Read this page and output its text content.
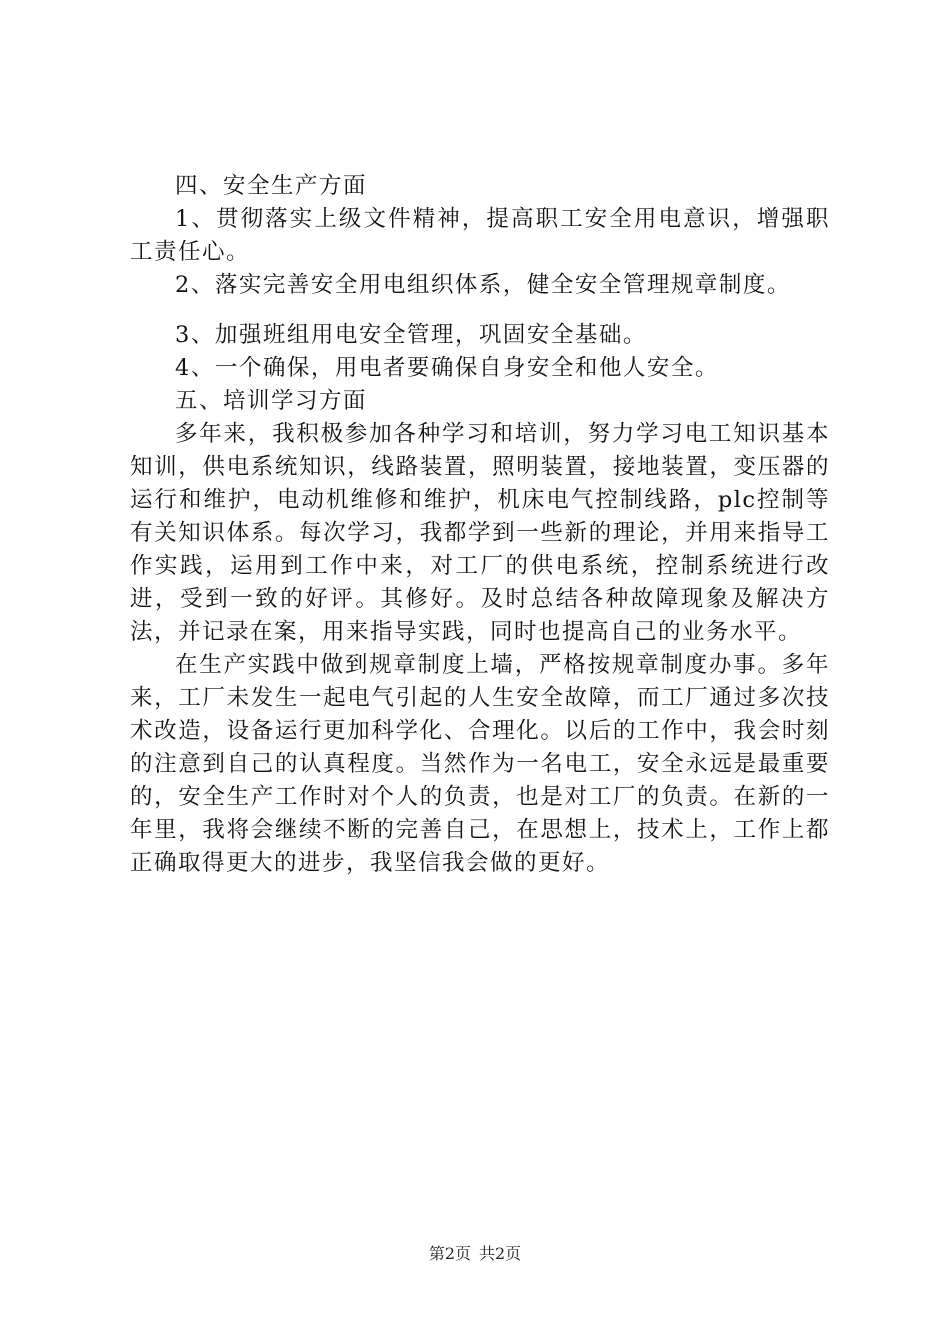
四、安全生产方面

1、贯彻落实上级文件精神，提高职工安全用电意识，增强职工责任心。

2、落实完善安全用电组织体系，健全安全管理规章制度。

3、加强班组用电安全管理，巩固安全基础。

4、一个确保，用电者要确保自身安全和他人安全。

五、培训学习方面

多年来，我积极参加各种学习和培训，努力学习电工知识基本知训，供电系统知识，线路装置，照明装置，接地装置，变压器的运行和维护，电动机维修和维护，机床电气控制线路，plc控制等有关知识体系。每次学习，我都学到一些新的理论，并用来指导工作实践，运用到工作中来，对工厂的供电系统，控制系统进行改进，受到一致的好评。其修好。及时总结各种故障现象及解决方法，并记录在案，用来指导实践，同时也提高自己的业务水平。

在生产实践中做到规章制度上墙，严格按规章制度办事。多年来，工厂未发生一起电气引起的人生安全故障，而工厂通过多次技术改造，设备运行更加科学化、合理化。以后的工作中，我会时刻的注意到自己的认真程度。当然作为一名电工，安全永远是最重要的，安全生产工作时对个人的负责，也是对工厂的负责。在新的一年里，我将会继续不断的完善自己，在思想上，技术上，工作上都正确取得更大的进步，我坚信我会做的更好。

第2页 共2页
